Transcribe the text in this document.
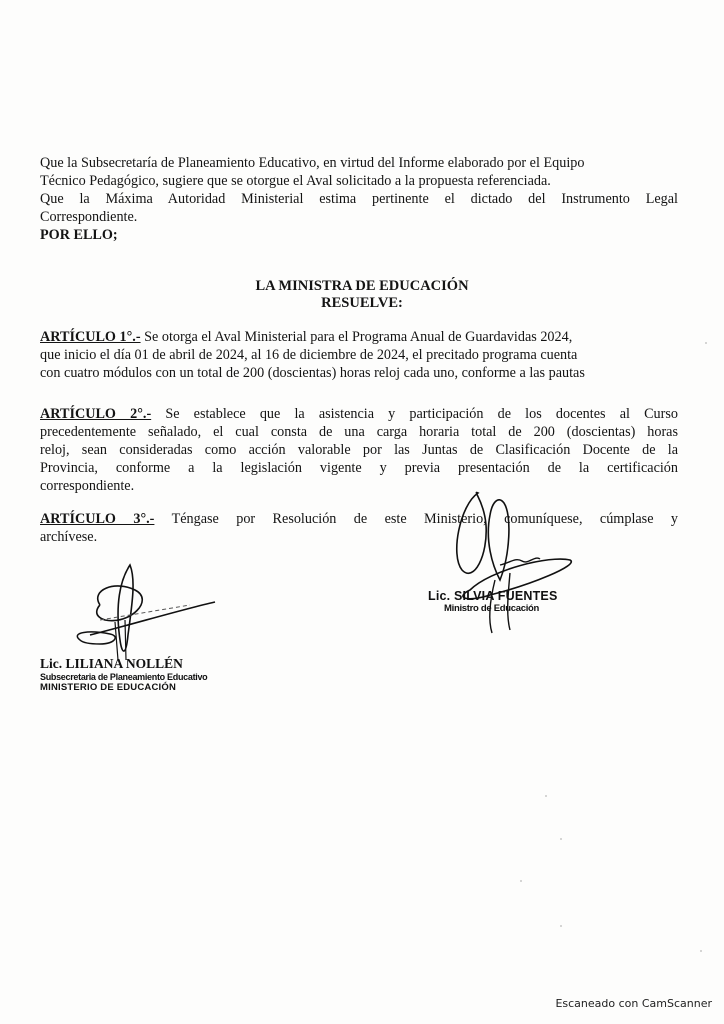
Que la Subsecretaría de Planeamiento Educativo, en virtud del Informe elaborado por el Equipo
Técnico Pedagógico, sugiere que se otorgue el Aval solicitado a la propuesta referenciada.
Que la Máxima Autoridad Ministerial estima pertinente el dictado del Instrumento Legal
Correspondiente.
POR ELLO;
LA MINISTRA DE EDUCACIÓN
RESUELVE:
ARTÍCULO 1°.- Se otorga el Aval Ministerial para el Programa Anual de Guardavidas 2024,
que inicio el día 01 de abril de 2024, al 16 de diciembre de 2024, el precitado programa cuenta
con cuatro módulos con un total de 200 (doscientas) horas reloj cada uno, conforme a las pautas
ARTÍCULO 2°.- Se establece que la asistencia y participación de los docentes al Curso
precedentemente señalado, el cual consta de una carga horaria total de 200 (doscientas) horas
reloj, sean consideradas como acción valorable por las Juntas de Clasificación Docente de la
Provincia, conforme a la legislación vigente y previa presentación de la certificación
correspondiente.
ARTÍCULO 3°.- Téngase por Resolución de este Ministerio, comuníquese, cúmplase y
archívese.
Lic. SILVIA FUENTES
Ministro de Educación
Lic. LILIANA NOLLÉN
Subsecretaria de Planeamiento Educativo
MINISTERIO DE EDUCACIÓN
Escaneado con CamScanner
